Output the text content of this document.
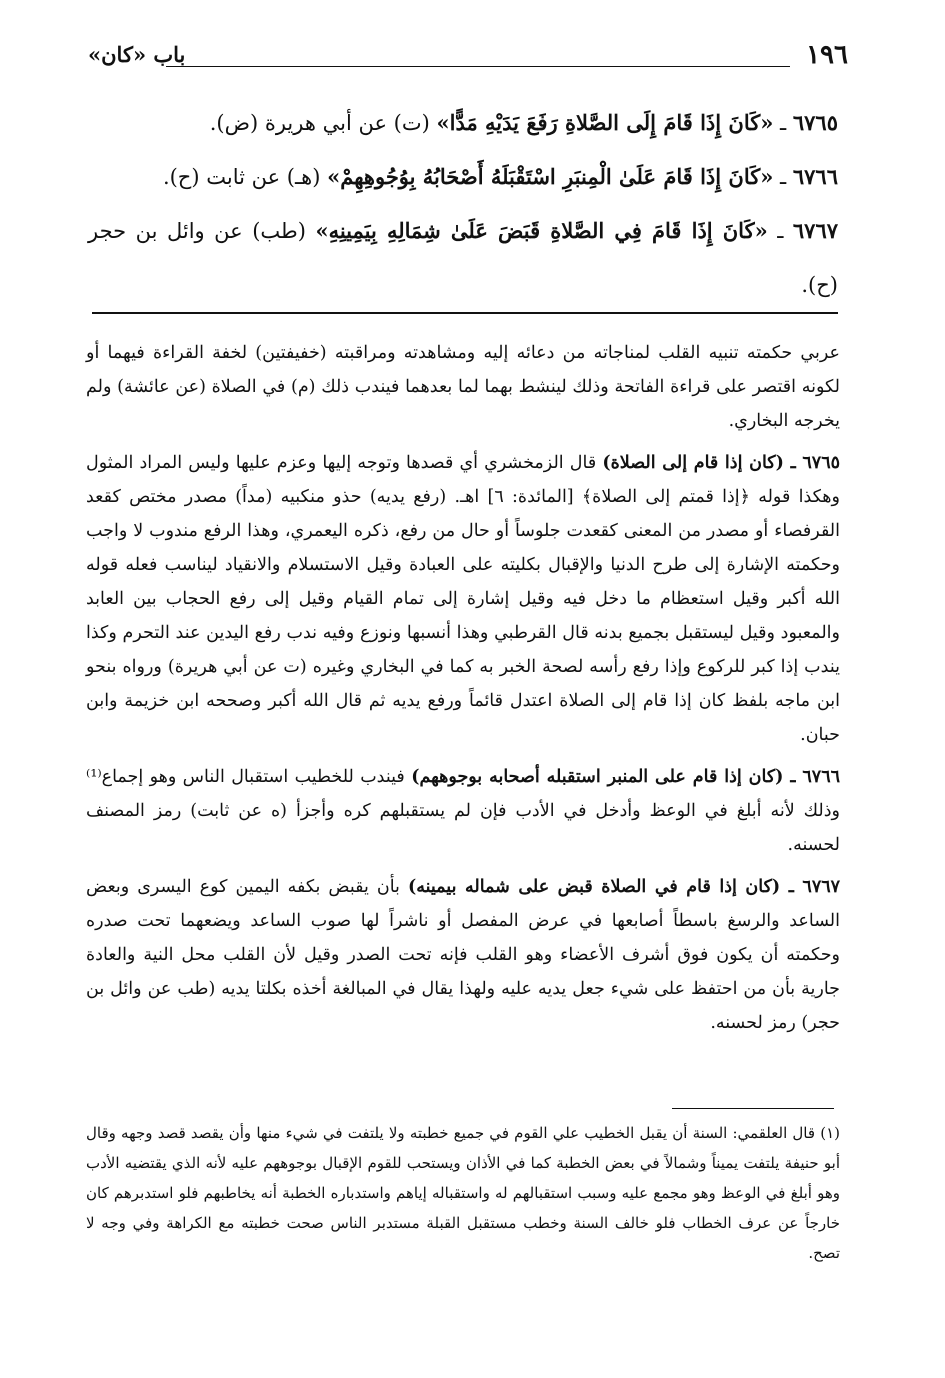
١٩٦
باب «كان»

٦٧٦٥ ـ «كَانَ إِذَا قَامَ إِلَى الصَّلاةِ رَفَعَ يَدَيْهِ مَدًّا» (ت) عن أبي هريرة (ض).

٦٧٦٦ ـ «كَانَ إِذَا قَامَ عَلَىٰ الْمِنبَرِ اسْتَقْبَلَهُ أَصْحَابُهُ بِوُجُوهِهِمْ» (هـ) عن ثابت (ح).

٦٧٦٧ ـ «كَانَ إِذَا قَامَ فِي الصَّلاةِ قَبَضَ عَلَىٰ شِمَالِهِ بِيَمِينِهِ» (طب) عن وائل بن حجر (ح).

عربي حكمته تنبيه القلب لمناجاته من دعائه إليه ومشاهدته ومراقبته (خفيفتين) لخفة القراءة فيهما أو لكونه اقتصر على قراءة الفاتحة وذلك لينشط بهما لما بعدهما فيندب ذلك (م) في الصلاة (عن عائشة) ولم يخرجه البخاري.

٦٧٦٥ ـ (كان إذا قام إلى الصلاة) قال الزمخشري أي قصدها وتوجه إليها وعزم عليها وليس المراد المثول وهكذا قوله ﴿إذا قمتم إلى الصلاة﴾ [المائدة: ٦] اهـ. (رفع يديه) حذو منكبيه (مداً) مصدر مختص كقعد القرفصاء أو مصدر من المعنى كقعدت جلوساً أو حال من رفع، ذكره اليعمري، وهذا الرفع مندوب لا واجب وحكمته الإشارة إلى طرح الدنيا والإقبال بكليته على العبادة وقيل الاستسلام والانقياد ليناسب فعله قوله الله أكبر وقيل استعظام ما دخل فيه وقيل إشارة إلى تمام القيام وقيل إلى رفع الحجاب بين العابد والمعبود وقيل ليستقبل بجميع بدنه قال القرطبي وهذا أنسبها ونوزع وفيه ندب رفع اليدين عند التحرم وكذا يندب إذا كبر للركوع وإذا رفع رأسه لصحة الخبر به كما في البخاري وغيره (ت عن أبي هريرة) ورواه بنحو ابن ماجه بلفظ كان إذا قام إلى الصلاة اعتدل قائماً ورفع يديه ثم قال الله أكبر وصححه ابن خزيمة وابن حبان.

٦٧٦٦ ـ (كان إذا قام على المنبر استقبله أصحابه بوجوههم) فيندب للخطيب استقبال الناس وهو إجماع⁽¹⁾ وذلك لأنه أبلغ في الوعظ وأدخل في الأدب فإن لم يستقبلهم كره وأجزأ (ه عن ثابت) رمز المصنف لحسنه.

٦٧٦٧ ـ (كان إذا قام في الصلاة قبض على شماله بيمينه) بأن يقبض بكفه اليمين كوع اليسرى وبعض الساعد والرسغ باسطاً أصابعها في عرض المفصل أو ناشراً لها صوب الساعد ويضعهما تحت صدره وحكمته أن يكون فوق أشرف الأعضاء وهو القلب فإنه تحت الصدر وقيل لأن القلب محل النية والعادة جارية بأن من احتفظ على شيء جعل يديه عليه ولهذا يقال في المبالغة أخذه بكلتا يديه (طب عن وائل بن حجر) رمز لحسنه.

(١) قال العلقمي: السنة أن يقبل الخطيب علي القوم في جميع خطبته ولا يلتفت في شيء منها وأن يقصد قصد وجهه وقال أبو حنيفة يلتفت يميناً وشمالاً في بعض الخطبة كما في الأذان ويستحب للقوم الإقبال بوجوههم عليه لأنه الذي يقتضيه الأدب وهو أبلغ في الوعظ وهو مجمع عليه وسبب استقبالهم له واستقباله إياهم واستدباره الخطبة أنه يخاطبهم فلو استدبرهم كان خارجاً عن عرف الخطاب فلو خالف السنة وخطب مستقبل القبلة مستدبر الناس صحت خطبته مع الكراهة وفي وجه لا تصح.
